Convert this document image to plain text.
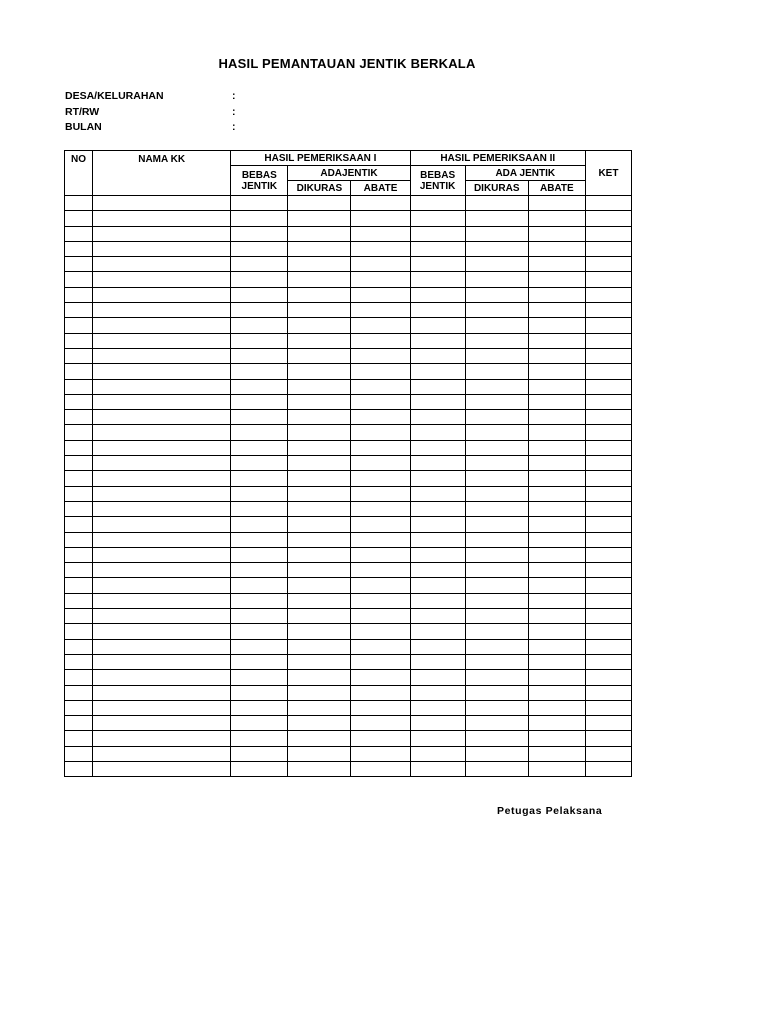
HASIL PEMANTAUAN JENTIK BERKALA
DESA/KELURAHAN	:
RT/RW	:
BULAN	:
NO	NAMA KK	HASIL PEMERIKSAAN I			HASIL PEMERIKSAAN II			KET
		BEBAS JENTIK	ADAJENTIK		BEBAS JENTIK	ADA JENTIK		
			DIKURAS	ABATE		DIKURAS	ABATE	

Petugas Pelaksana
